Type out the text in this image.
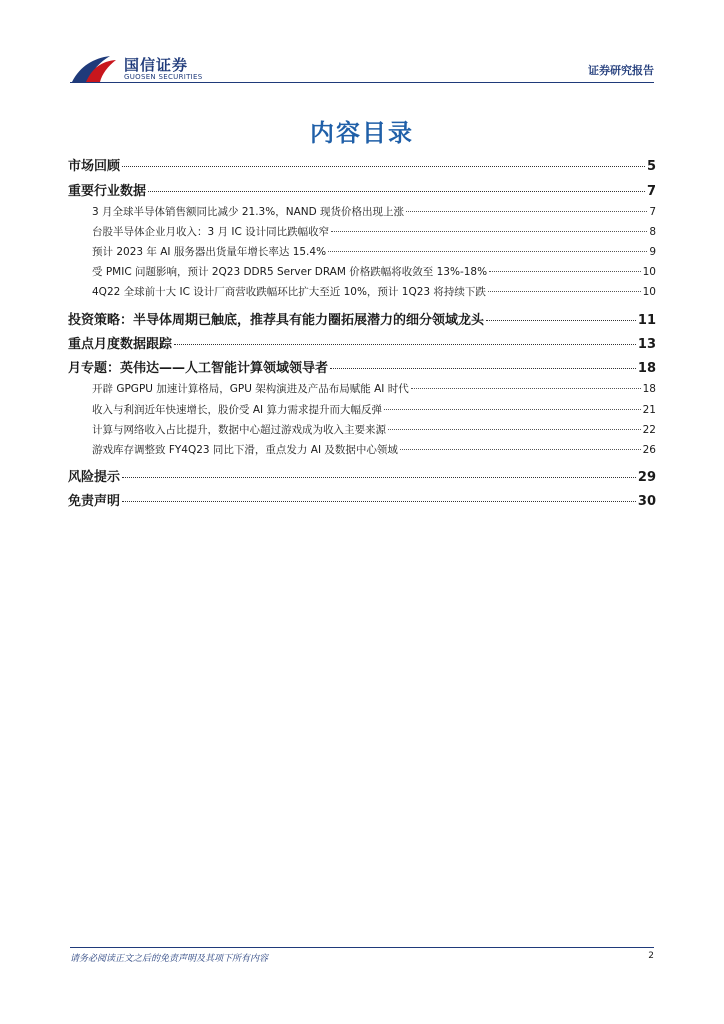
国信证券
GUOSEN SECURITIES	证券研究报告
内容目录
市场回顾	5
重要行业数据	7
3 月全球半导体销售额同比减少 21.3%，NAND 现货价格出现上涨	7
台股半导体企业月收入：3 月 IC 设计同比跌幅收窄	8
预计 2023 年 AI 服务器出货量年增长率达 15.4%	9
受 PMIC 问题影响，预计 2Q23 DDR5 Server DRAM 价格跌幅将收敛至 13%-18%	10
4Q22 全球前十大 IC 设计厂商营收跌幅环比扩大至近 10%，预计 1Q23 将持续下跌	10
投资策略：半导体周期已触底，推荐具有能力圈拓展潜力的细分领域龙头	11
重点月度数据跟踪	13
月专题：英伟达——人工智能计算领域领导者	18
开辟 GPGPU 加速计算格局，GPU 架构演进及产品布局赋能 AI 时代	18
收入与利润近年快速增长，股价受 AI 算力需求提升而大幅反弹	21
计算与网络收入占比提升，数据中心超过游戏成为收入主要来源	22
游戏库存调整致 FY4Q23 同比下滑，重点发力 AI 及数据中心领域	26
风险提示	29
免责声明	30
请务必阅读正文之后的免责声明及其项下所有内容	2
